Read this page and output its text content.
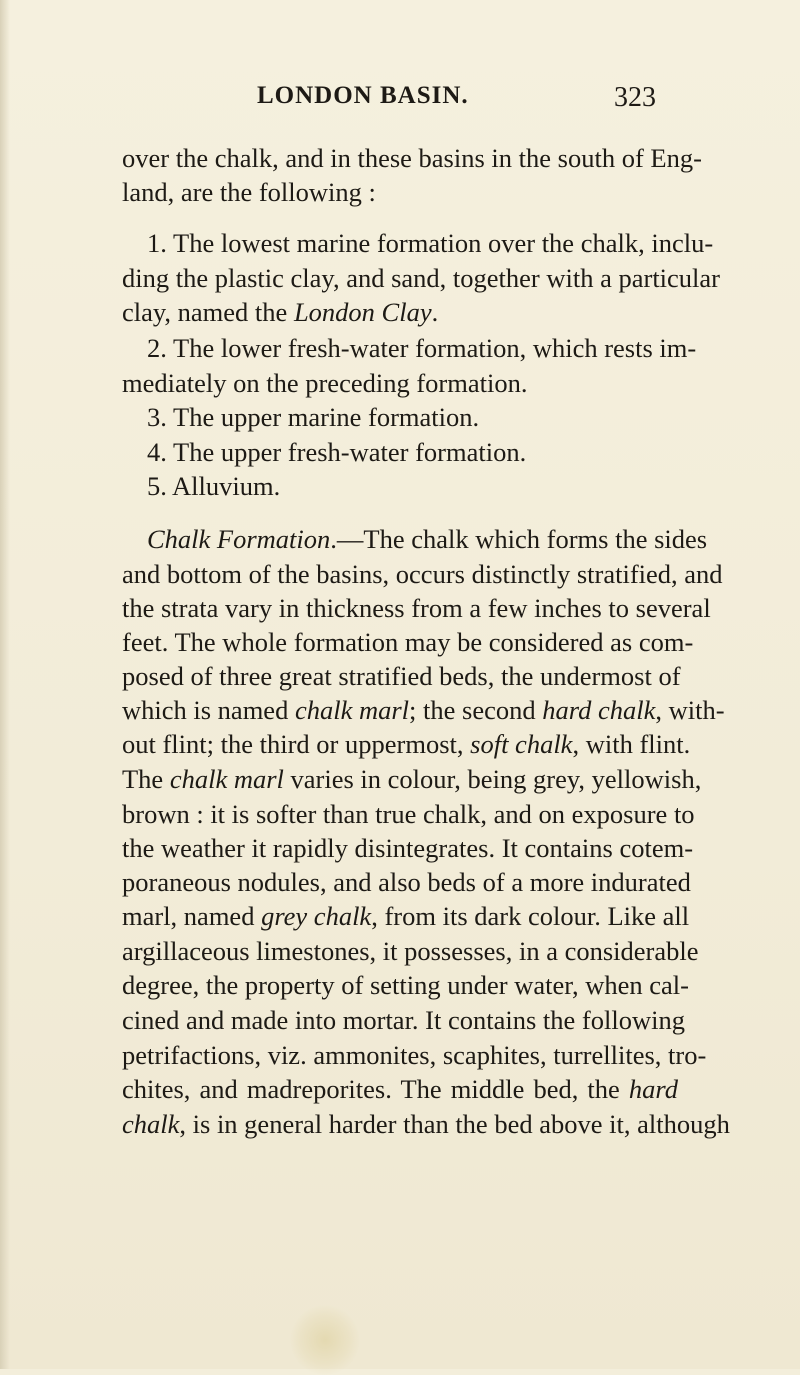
LONDON BASIN.	323
over the chalk, and in these basins in the south of Eng-
land, are the following :
1. The lowest marine formation over the chalk, inclu-
ding the plastic clay, and sand, together with a particular
clay, named the London Clay.
2. The lower fresh-water formation, which rests im-
mediately on the preceding formation.
3. The upper marine formation.
4. The upper fresh-water formation.
5. Alluvium.
Chalk Formation.—The chalk which forms the sides
and bottom of the basins, occurs distinctly stratified, and
the strata vary in thickness from a few inches to several
feet. The whole formation may be considered as com-
posed of three great stratified beds, the undermost of
which is named chalk marl; the second hard chalk, with-
out flint; the third or uppermost, soft chalk, with flint.
The chalk marl varies in colour, being grey, yellowish,
brown : it is softer than true chalk, and on exposure to
the weather it rapidly disintegrates. It contains cotem-
poraneous nodules, and also beds of a more indurated
marl, named grey chalk, from its dark colour. Like all
argillaceous limestones, it possesses, in a considerable
degree, the property of setting under water, when cal-
cined and made into mortar. It contains the following
petrifactions, viz. ammonites, scaphites, turrellites, tro-
chites, and madreporites. The middle bed, the hard
chalk, is in general harder than the bed above it, although
